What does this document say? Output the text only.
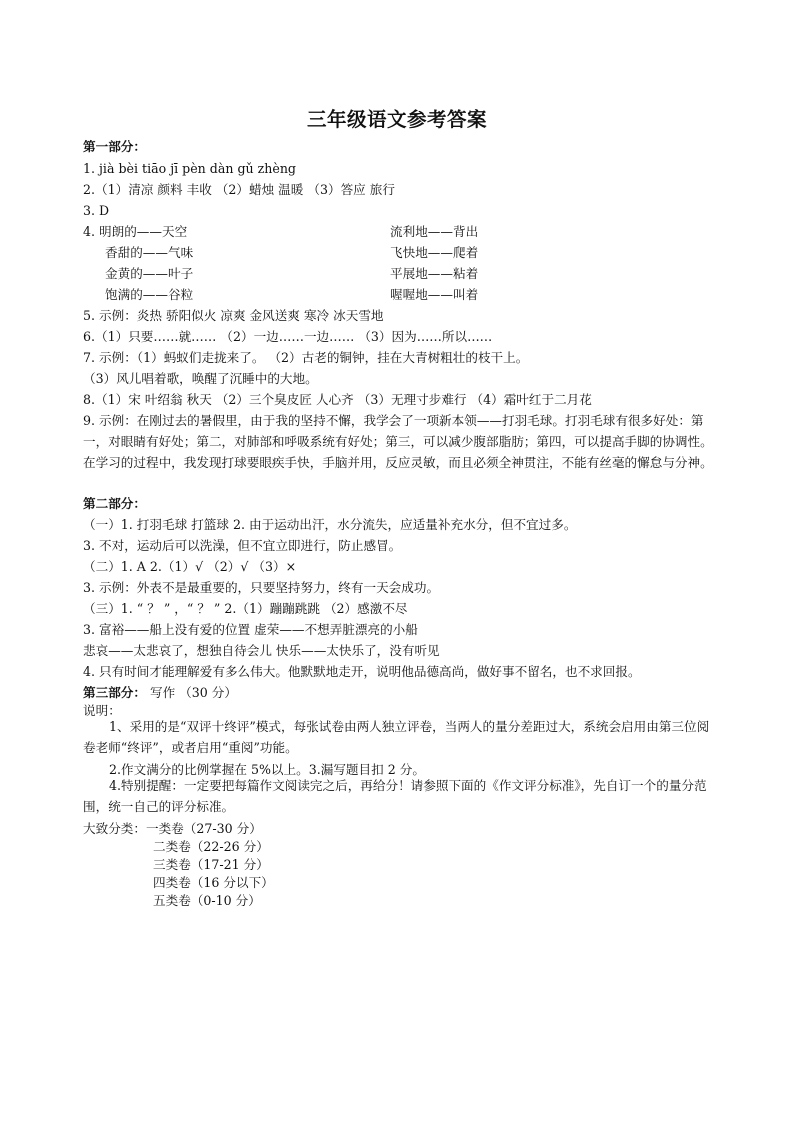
三年级语文参考答案
第一部分：
1. jià bèi tiāo jī pèn dàn gǔ zhèng
2.（1）清凉 颜料 丰收 （2）蜡烛 温暖 （3）答应 旅行
3. D
4. 明朗的——天空
香甜的——气味
金黄的——叶子
饱满的——谷粒
流利地——背出
飞快地——爬着
平展地——粘着
喔喔地——叫着
5. 示例：炎热 骄阳似火 凉爽 金风送爽 寒冷 冰天雪地
6.（1）只要……就…… （2）一边……一边…… （3）因为……所以……
7. 示例：（1）蚂蚁们走拢来了。 （2）古老的铜钟，挂在大青树粗壮的枝干上。
（3）风儿唱着歌，唤醒了沉睡中的大地。
8.（1）宋 叶绍翁 秋天 （2）三个臭皮匠 人心齐 （3）无理寸步难行 （4）霜叶红于二月花
9. 示例：在刚过去的暑假里，由于我的坚持不懈，我学会了一项新本领——打羽毛球。打羽毛球有很多好处：第一，对眼睛有好处；第二，对肺部和呼吸系统有好处；第三，可以减少腹部脂肪；第四，可以提高手脚的协调性。在学习的过程中，我发现打球要眼疾手快，手脑并用，反应灵敏，而且必须全神贯注，不能有丝毫的懈怠与分神。
第二部分：
（一）1. 打羽毛球 打篮球 2. 由于运动出汗，水分流失，应适量补充水分，但不宜过多。
3. 不对，运动后可以洗澡，但不宜立即进行，防止感冒。
（二）1. A 2.（1）√ （2）√ （3）×
3. 示例：外表不是最重要的，只要坚持努力，终有一天会成功。
（三）1. “ ？ ” ，“ ？ ” 2.（1）蹦蹦跳跳 （2）感激不尽
3. 富裕——船上没有爱的位置 虚荣——不想弄脏漂亮的小船
悲哀——太悲哀了，想独自待会儿 快乐——太快乐了，没有听见
4. 只有时间才能理解爱有多么伟大。他默默地走开，说明他品德高尚，做好事不留名，也不求回报。
第三部分： 写作 （30 分）
说明：
1、采用的是“双评十终评”模式，每张试卷由两人独立评卷，当两人的量分差距过大，系统会启用由第三位阅卷老师“终评”，或者启用“重阅”功能。
2.作文满分的比例掌握在 5%以上。3.漏写题目扣 2 分。
4.特别提醒：一定要把每篇作文阅读完之后，再给分！请参照下面的《作文评分标准》，先自订一个的量分范围，统一自己的评分标准。
大致分类：一类卷（27-30 分）
二类卷（22-26 分）
三类卷（17-21 分）
四类卷（16 分以下）
五类卷（0-10 分）
